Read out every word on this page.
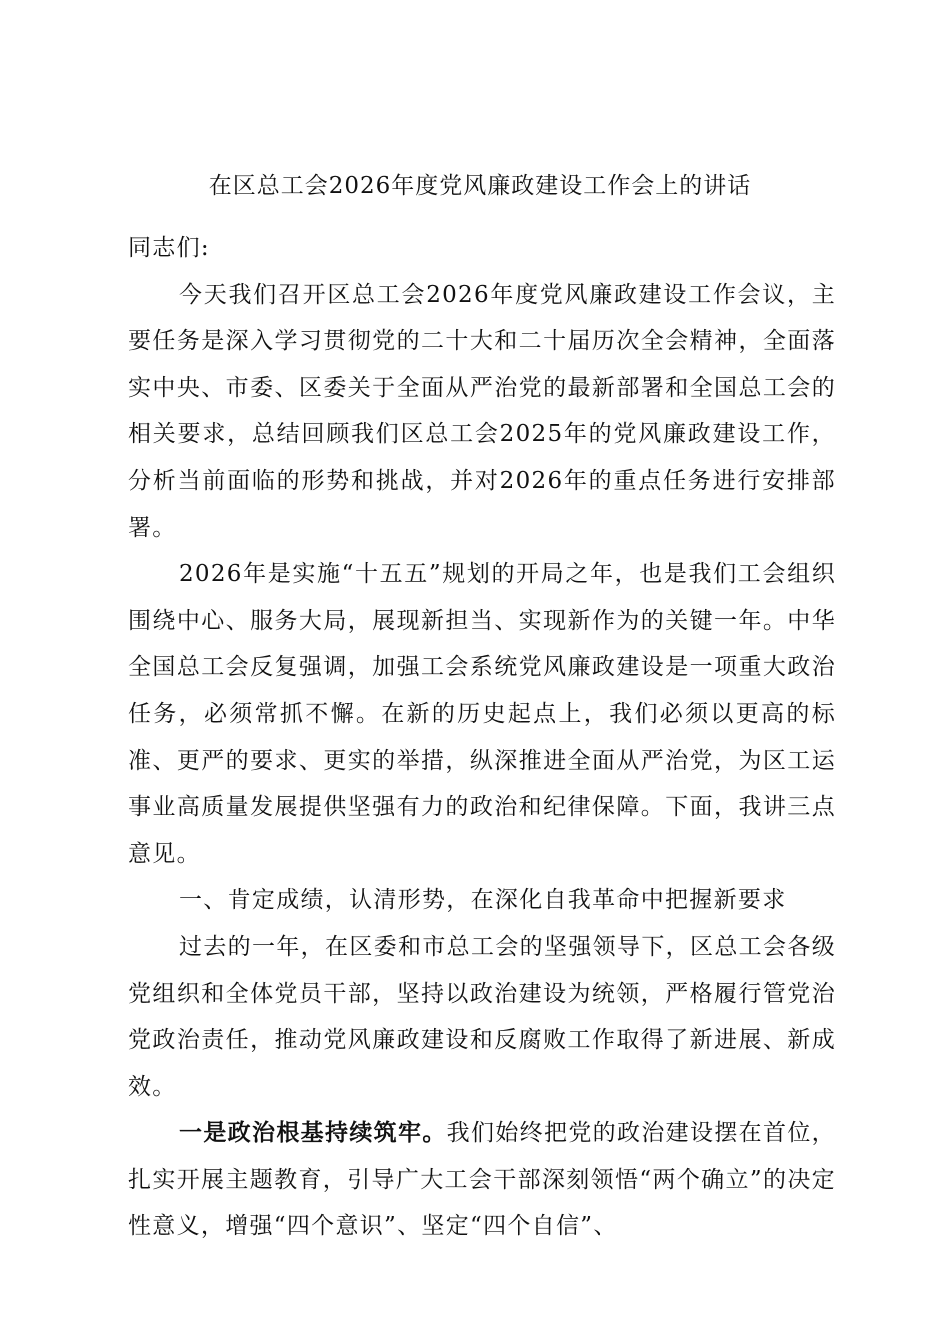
在区总工会2026年度党风廉政建设工作会上的讲话

同志们:

今天我们召开区总工会2026年度党风廉政建设工作会议，主要任务是深入学习贯彻党的二十大和二十届历次全会精神，全面落实中央、市委、区委关于全面从严治党的最新部署和全国总工会的相关要求，总结回顾我们区总工会2025年的党风廉政建设工作，分析当前面临的形势和挑战，并对2026年的重点任务进行安排部署。

2026年是实施“十五五”规划的开局之年，也是我们工会组织围绕中心、服务大局，展现新担当、实现新作为的关键一年。中华全国总工会反复强调，加强工会系统党风廉政建设是一项重大政治任务，必须常抓不懈。在新的历史起点上，我们必须以更高的标准、更严的要求、更实的举措，纵深推进全面从严治党，为区工运事业高质量发展提供坚强有力的政治和纪律保障。下面，我讲三点意见。

一、肯定成绩，认清形势，在深化自我革命中把握新要求

过去的一年，在区委和市总工会的坚强领导下，区总工会各级党组织和全体党员干部，坚持以政治建设为统领，严格履行管党治党政治责任，推动党风廉政建设和反腐败工作取得了新进展、新成效。

一是政治根基持续筑牢。我们始终把党的政治建设摆在首位，扎实开展主题教育，引导广大工会干部深刻领悟“两个确立”的决定性意义，增强“四个意识”、坚定“四个自信”、
